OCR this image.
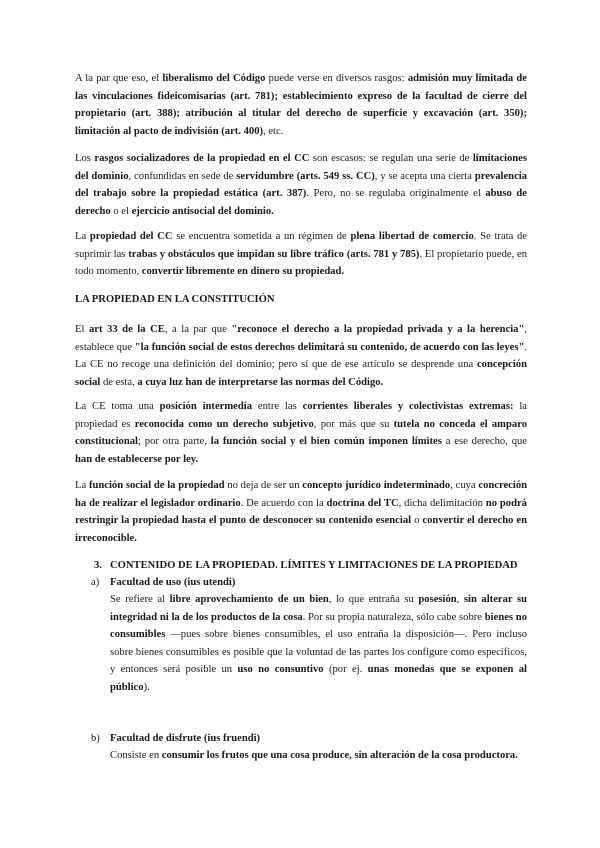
A la par que eso, el liberalismo del Código puede verse en diversos rasgos: admisión muy limitada de las vinculaciones fideicomisarias (art. 781); establecimiento expreso de la facultad de cierre del propietario (art. 388); atribución al titular del derecho de superficie y excavación (art. 350); limitación al pacto de indivisión (art. 400), etc.

Los rasgos socializadores de la propiedad en el CC son escasos: se regulan una serie de limitaciones del dominio, confundidas en sede de servidumbre (arts. 549 ss. CC), y se acepta una cierta prevalencia del trabajo sobre la propiedad estática (art. 387). Pero, no se regulaba originalmente el abuso de derecho o el ejercicio antisocial del dominio.

La propiedad del CC se encuentra sometida a un régimen de plena libertad de comercio. Se trata de suprimir las trabas y obstáculos que impidan su libre tráfico (arts. 781 y 785). El propietario puede, en todo momento, convertir libremente en dinero su propiedad.

LA PROPIEDAD EN LA CONSTITUCIÓN

El art 33 de la CE, a la par que "reconoce el derecho a la propiedad privada y a la herencia", establece que "la función social de estos derechos delimitará su contenido, de acuerdo con las leyes". La CE no recoge una definición del dominio; pero sí que de ese artículo se desprende una concepción social de esta, a cuya luz han de interpretarse las normas del Código.

La CE toma una posición intermedia entre las corrientes liberales y colectivistas extremas: la propiedad es reconocida como un derecho subjetivo, por más que su tutela no conceda el amparo constitucional; por otra parte, la función social y el bien común imponen límites a ese derecho, que han de establecerse por ley.

La función social de la propiedad no deja de ser un concepto jurídico indeterminado, cuya concreción ha de realizar el legislador ordinario. De acuerdo con la doctrina del TC, dicha delimitación no podrá restringir la propiedad hasta el punto de desconocer su contenido esencial o convertir el derecho en irreconocible.

3. CONTENIDO DE LA PROPIEDAD. LÍMITES Y LIMITACIONES DE LA PROPIEDAD

a) Facultad de uso (ius utendi)

Se refiere al libre aprovechamiento de un bien, lo que entraña su posesión, sin alterar su integridad ni la de los productos de la cosa. Por su propia naturaleza, sólo cabe sobre bienes no consumibles —pues sobre bienes consumibles, el uso entraña la disposición—. Pero incluso sobre bienes consumibles es posible que la voluntad de las partes los configure como específicos, y entonces será posible un uso no consuntivo (por ej. unas monedas que se exponen al público).

b) Facultad de disfrute (ius fruendi)

Consiste en consumir los frutos que una cosa produce, sin alteración de la cosa productora.
